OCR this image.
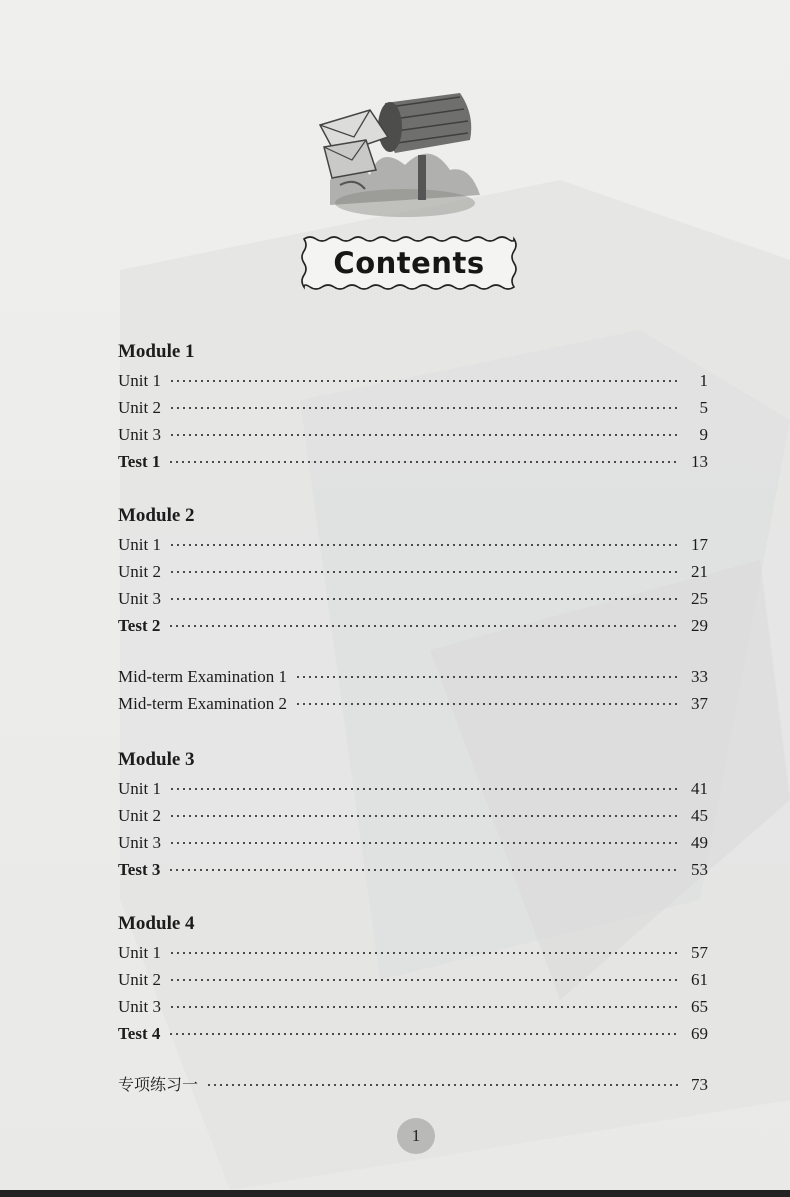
Contents
Module 1
Unit 1	1
Unit 2	5
Unit 3	9
Test 1	13
Module 2
Unit 1	17
Unit 2	21
Unit 3	25
Test 2	29
Mid-term Examination 1	33
Mid-term Examination 2	37
Module 3
Unit 1	41
Unit 2	45
Unit 3	49
Test 3	53
Module 4
Unit 1	57
Unit 2	61
Unit 3	65
Test 4	69
专项练习一	73
1
